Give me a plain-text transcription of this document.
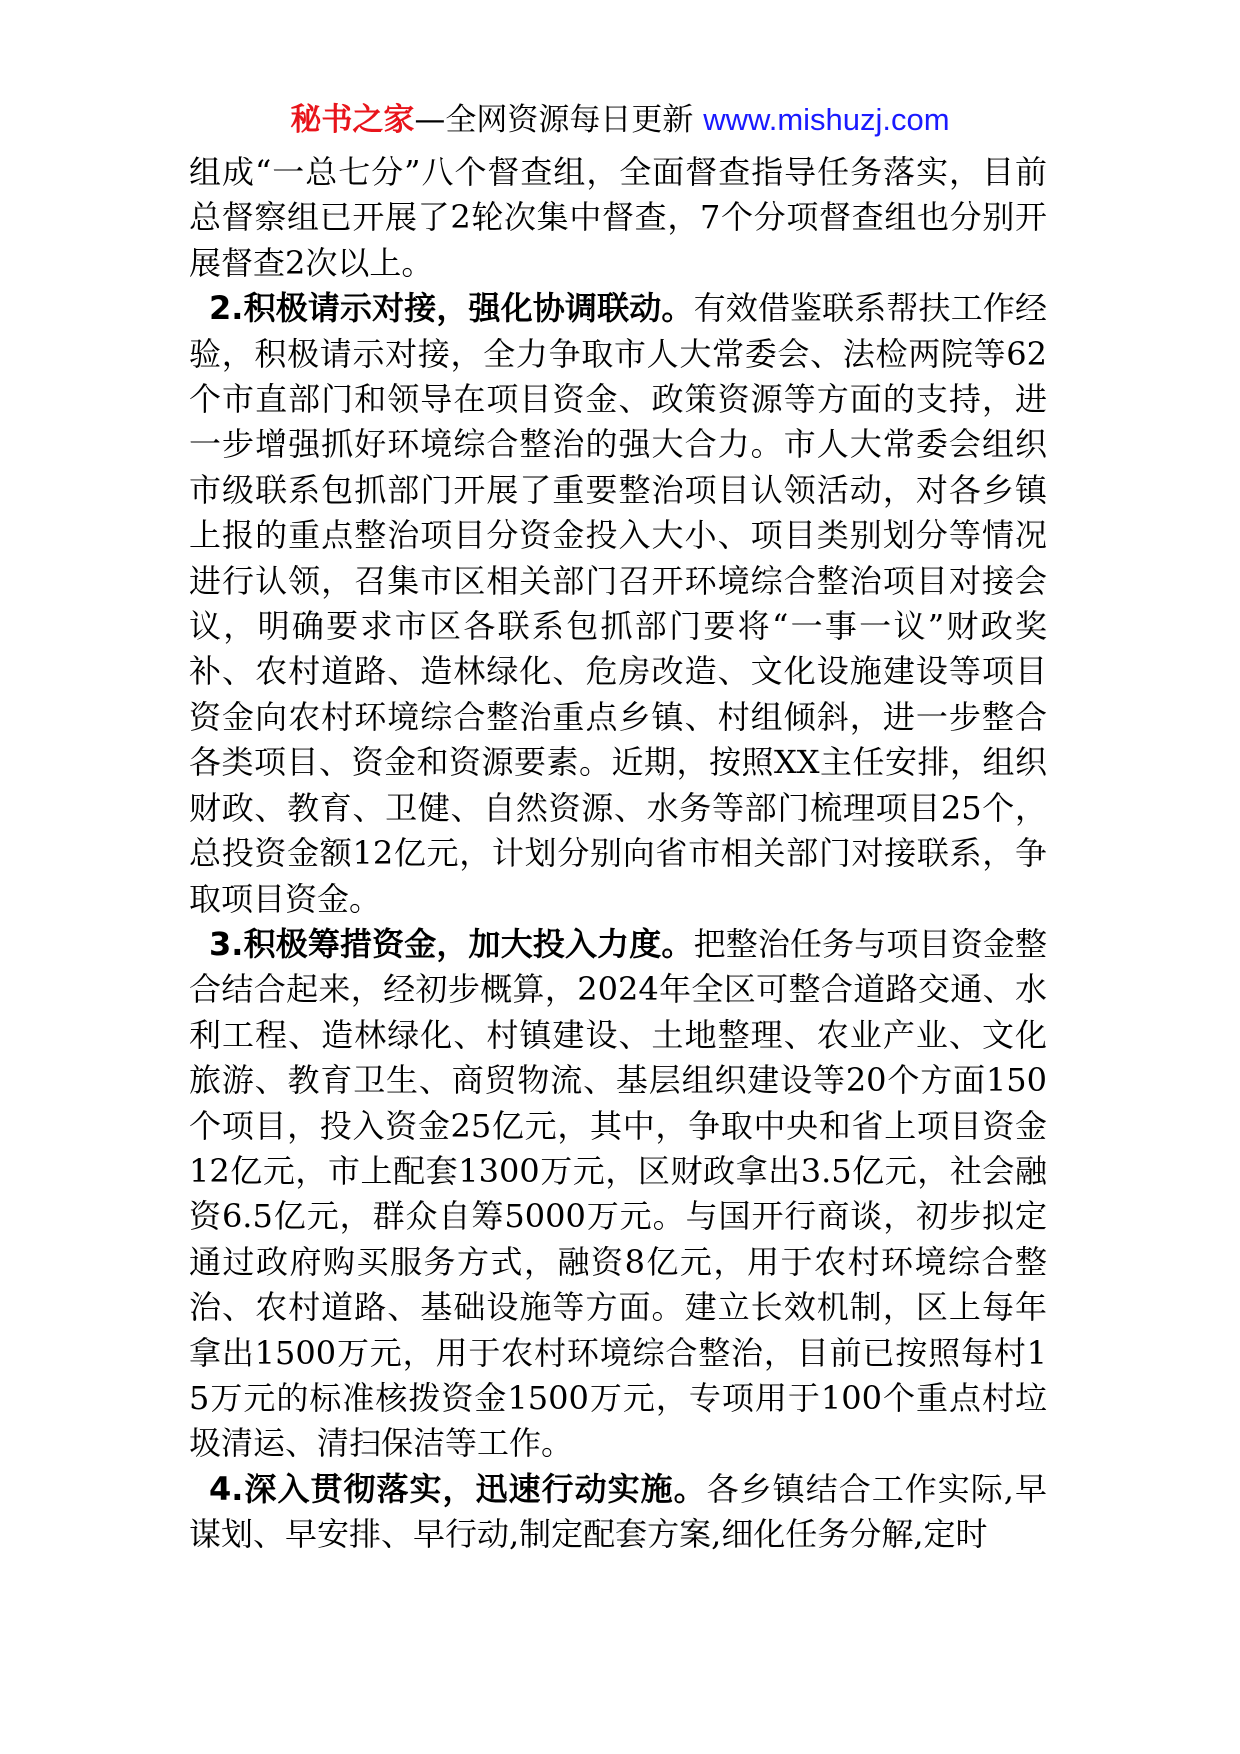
秘书之家—全网资源每日更新 www.mishuzj.com

组成“一总七分”八个督查组，全面督查指导任务落实，目前总督察组已开展了2轮次集中督查，7个分项督查组也分别开展督查2次以上。

2.积极请示对接，强化协调联动。有效借鉴联系帮扶工作经验，积极请示对接，全力争取市人大常委会、法检两院等62个市直部门和领导在项目资金、政策资源等方面的支持，进一步增强抓好环境综合整治的强大合力。市人大常委会组织市级联系包抓部门开展了重要整治项目认领活动，对各乡镇上报的重点整治项目分资金投入大小、项目类别划分等情况进行认领，召集市区相关部门召开环境综合整治项目对接会议，明确要求市区各联系包抓部门要将“一事一议”财政奖补、农村道路、造林绿化、危房改造、文化设施建设等项目资金向农村环境综合整治重点乡镇、村组倾斜，进一步整合各类项目、资金和资源要素。近期，按照XX主任安排，组织财政、教育、卫健、自然资源、水务等部门梳理项目25个，总投资金额12亿元，计划分别向省市相关部门对接联系，争取项目资金。

3.积极筹措资金，加大投入力度。把整治任务与项目资金整合结合起来，经初步概算，2024年全区可整合道路交通、水利工程、造林绿化、村镇建设、土地整理、农业产业、文化旅游、教育卫生、商贸物流、基层组织建设等20个方面150个项目，投入资金25亿元，其中，争取中央和省上项目资金12亿元，市上配套1300万元，区财政拿出3.5亿元，社会融资6.5亿元，群众自筹5000万元。与国开行商谈，初步拟定通过政府购买服务方式，融资8亿元，用于农村环境综合整治、农村道路、基础设施等方面。建立长效机制，区上每年拿出1500万元，用于农村环境综合整治，目前已按照每村15万元的标准核拨资金1500万元，专项用于100个重点村垃圾清运、清扫保洁等工作。

4.深入贯彻落实，迅速行动实施。各乡镇结合工作实际,早谋划、早安排、早行动,制定配套方案,细化任务分解,定时
